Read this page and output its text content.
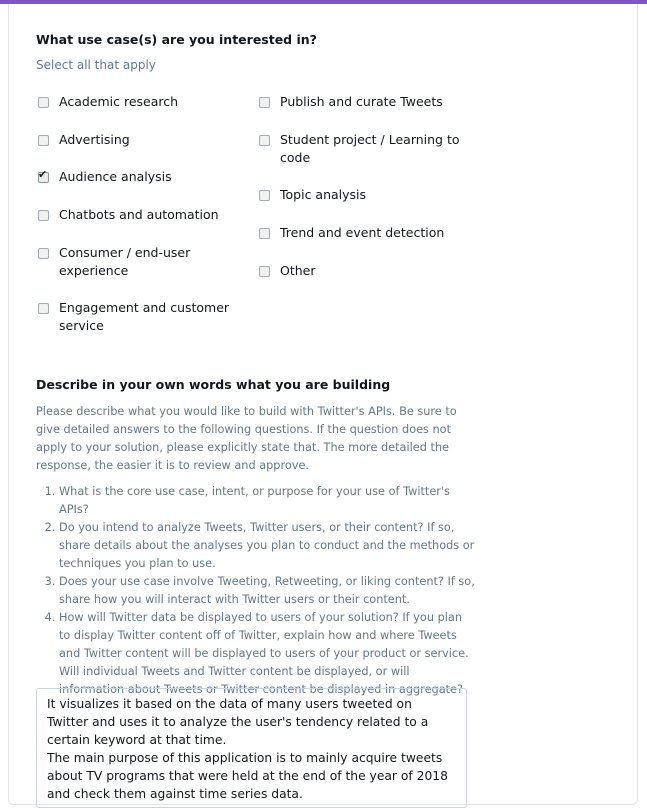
What use case(s) are you interested in?
Select all that apply
Academic research
Advertising
✔ Audience analysis
Chatbots and automation
Consumer / end-user experience
Engagement and customer service
Publish and curate Tweets
Student project / Learning to code
Topic analysis
Trend and event detection
Other
Describe in your own words what you are building

Please describe what you would like to build with Twitter's APIs. Be sure to give detailed answers to the following questions. If the question does not apply to your solution, please explicitly state that. The more detailed the response, the easier it is to review and approve.

1. What is the core use case, intent, or purpose for your use of Twitter's APIs?
2. Do you intend to analyze Tweets, Twitter users, or their content? If so, share details about the analyses you plan to conduct and the methods or techniques you plan to use.
3. Does your use case involve Tweeting, Retweeting, or liking content? If so, share how you will interact with Twitter users or their content.
4. How will Twitter data be displayed to users of your solution? If you plan to display Twitter content off of Twitter, explain how and where Tweets and Twitter content will be displayed to users of your product or service. Will individual Tweets and Twitter content be displayed, or will information about Tweets or Twitter content be displayed in aggregate?
It visualizes it based on the data of many users tweeted on Twitter and uses it to analyze the user's tendency related to a certain keyword at that time.
The main purpose of this application is to mainly acquire tweets about TV programs that were held at the end of the year of 2018 and check them against time series data.
